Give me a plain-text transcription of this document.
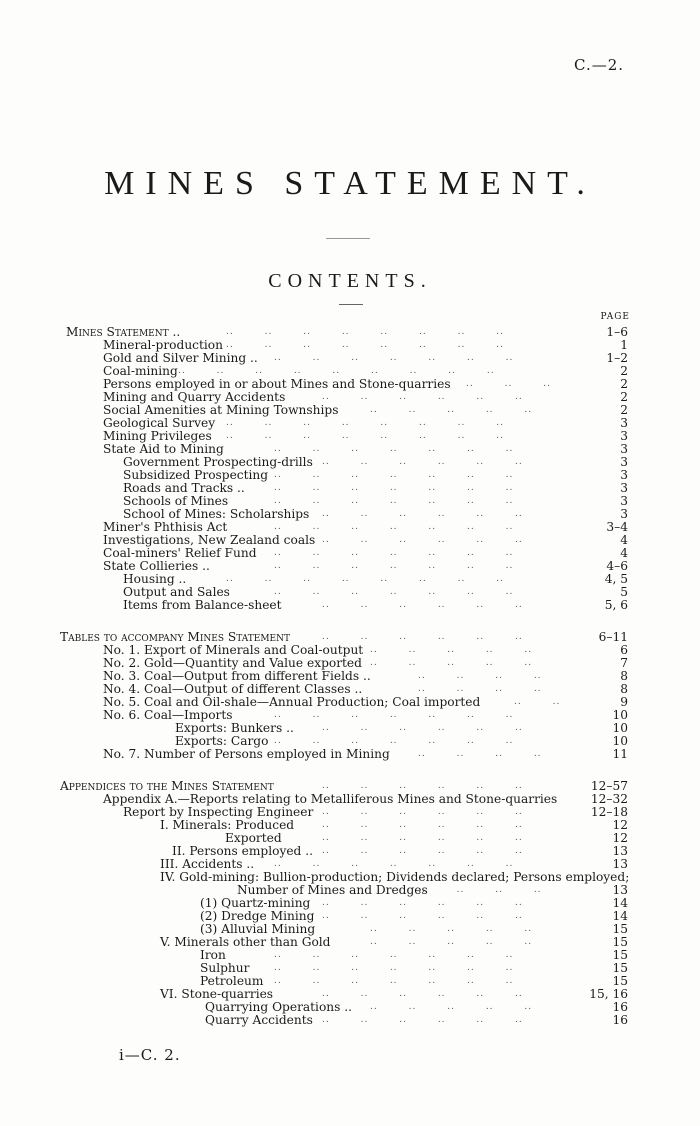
C.—2.
MINES STATEMENT.
CONTENTS.
PAGE
Mines Statement ..	..        ..        ..        ..        ..        ..        ..        ..	1–6
Mineral-production ..        ..        ..        ..        ..        ..        ..        ..	1
Gold and Silver Mining .. ..        ..        ..        ..        ..        ..        ..	1–2
Coal-mining ..        ..        ..        ..        ..        ..        ..        ..        ..	2
Persons employed in or about Mines and Stone-quarries ..        ..        ..	2
Mining and Quarry Accidents	..        ..        ..        ..        ..        ..	2
Social Amenities at Mining Townships	..        ..        ..        ..        ..	2
Geological Survey ..        ..        ..        ..        ..        ..        ..        ..	3
Mining Privileges ..        ..        ..        ..        ..        ..        ..        ..	3
State Aid to Mining	..        ..        ..        ..        ..        ..        ..	3
Government Prospecting-drills ..        ..        ..        ..        ..        ..	3
Subsidized Prospecting ..        ..        ..        ..        ..        ..        ..	3
Roads and Tracks ..	..        ..        ..        ..        ..        ..        ..	3
Schools of Mines	..        ..        ..        ..        ..        ..        ..	3
School of Mines: Scholarships ..        ..        ..        ..        ..        ..	3
Miner's Phthisis Act	..        ..        ..        ..        ..        ..        ..	3–4
Investigations, New Zealand coals ..        ..        ..        ..        ..        ..	4
Coal-miners' Relief Fund ..        ..        ..        ..        ..        ..        ..	4
State Collieries ..	..        ..        ..        ..        ..        ..        ..	4–6
Housing ..	..        ..        ..        ..        ..        ..        ..        ..	4, 5
Output and Sales	..        ..        ..        ..        ..        ..        ..	5
Items from Balance-sheet	..        ..        ..        ..        ..        ..	5, 6
Tables to accompany Mines Statement	..        ..        ..        ..        ..        ..	6–11
No. 1. Export of Minerals and Coal-output ..        ..        ..        ..        ..	6
No. 2. Gold—Quantity and Value exported ..        ..        ..        ..        ..	7
No. 3. Coal—Output from different Fields ..	..        ..        ..        ..	8
No. 4. Coal—Output of different Classes ..	..        ..        ..        ..	8
No. 5. Coal and Oil-shale—Annual Production; Coal imported	..        ..	9
No. 6. Coal—Imports	..        ..        ..        ..        ..        ..        ..	10
Exports: Bunkers ..	..        ..        ..        ..        ..        ..	10
Exports: Cargo ..        ..        ..        ..        ..        ..        ..	10
No. 7. Number of Persons employed in Mining	..        ..        ..        ..	11
Appendices to the Mines Statement	..        ..        ..        ..        ..        ..	12–57
Appendix A.—Reports relating to Metalliferous Mines and Stone-quarries	12–32
Report by Inspecting Engineer ..        ..        ..        ..        ..        ..	12–18
I. Minerals: Produced	..        ..        ..        ..        ..        ..	12
Exported	..        ..        ..        ..        ..        ..	12
II. Persons employed .. ..        ..        ..        ..        ..        ..	13
III. Accidents .. ..        ..        ..        ..        ..        ..        ..	13
IV. Gold-mining: Bullion-production; Dividends declared; Persons employed;
Number of Mines and Dredges
..        ..        ..        ..	13
(1) Quartz-mining ..        ..        ..        ..        ..        ..	14
(2) Dredge Mining ..        ..        ..        ..        ..        ..	14
(3) Alluvial Mining	..        ..        ..        ..        ..	15
V. Minerals other than Gold	..        ..        ..        ..        ..	15
Iron	..        ..        ..        ..        ..        ..        ..	15
Sulphur	..        ..        ..        ..        ..        ..        ..	15
Petroleum ..        ..        ..        ..        ..        ..        ..	15
VI. Stone-quarries	..        ..        ..        ..        ..        ..	15, 16
Quarrying Operations .. ..        ..        ..        ..        ..	16
Quarry Accidents ..        ..        ..        ..        ..        ..	16
i—C. 2.
